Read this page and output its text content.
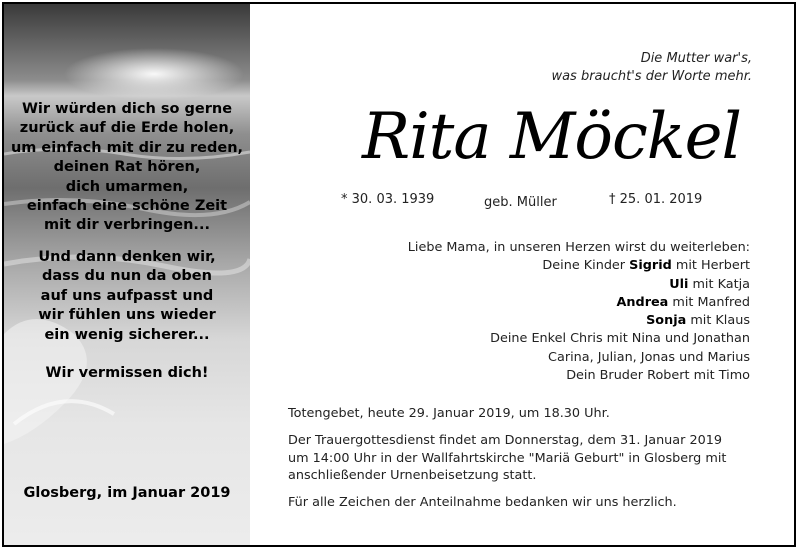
Wir würden dich so gerne
zurück auf die Erde holen,
um einfach mit dir zu reden,
deinen Rat hören,
dich umarmen,
einfach eine schöne Zeit
mit dir verbringen...
Und dann denken wir,
dass du nun da oben
auf uns aufpasst und
wir fühlen uns wieder
ein wenig sicherer...
Wir vermissen dich!
Glosberg, im Januar 2019
Die Mutter war's,
was braucht's der Worte mehr.
Rita Möckel
* 30. 03. 1939	geb. Müller	† 25. 01. 2019
Liebe Mama, in unseren Herzen wirst du weiterleben:
Deine Kinder Sigrid mit Herbert
Uli mit Katja
Andrea mit Manfred
Sonja mit Klaus
Deine Enkel Chris mit Nina und Jonathan
Carina, Julian, Jonas und Marius
Dein Bruder Robert mit Timo

Totengebet, heute 29. Januar 2019, um 18.30 Uhr.

Der Trauergottesdienst findet am Donnerstag, dem 31. Januar 2019
um 14:00 Uhr in der Wallfahrtskirche "Mariä Geburt" in Glosberg mit
anschließender Urnenbeisetzung statt.

Für alle Zeichen der Anteilnahme bedanken wir uns herzlich.
